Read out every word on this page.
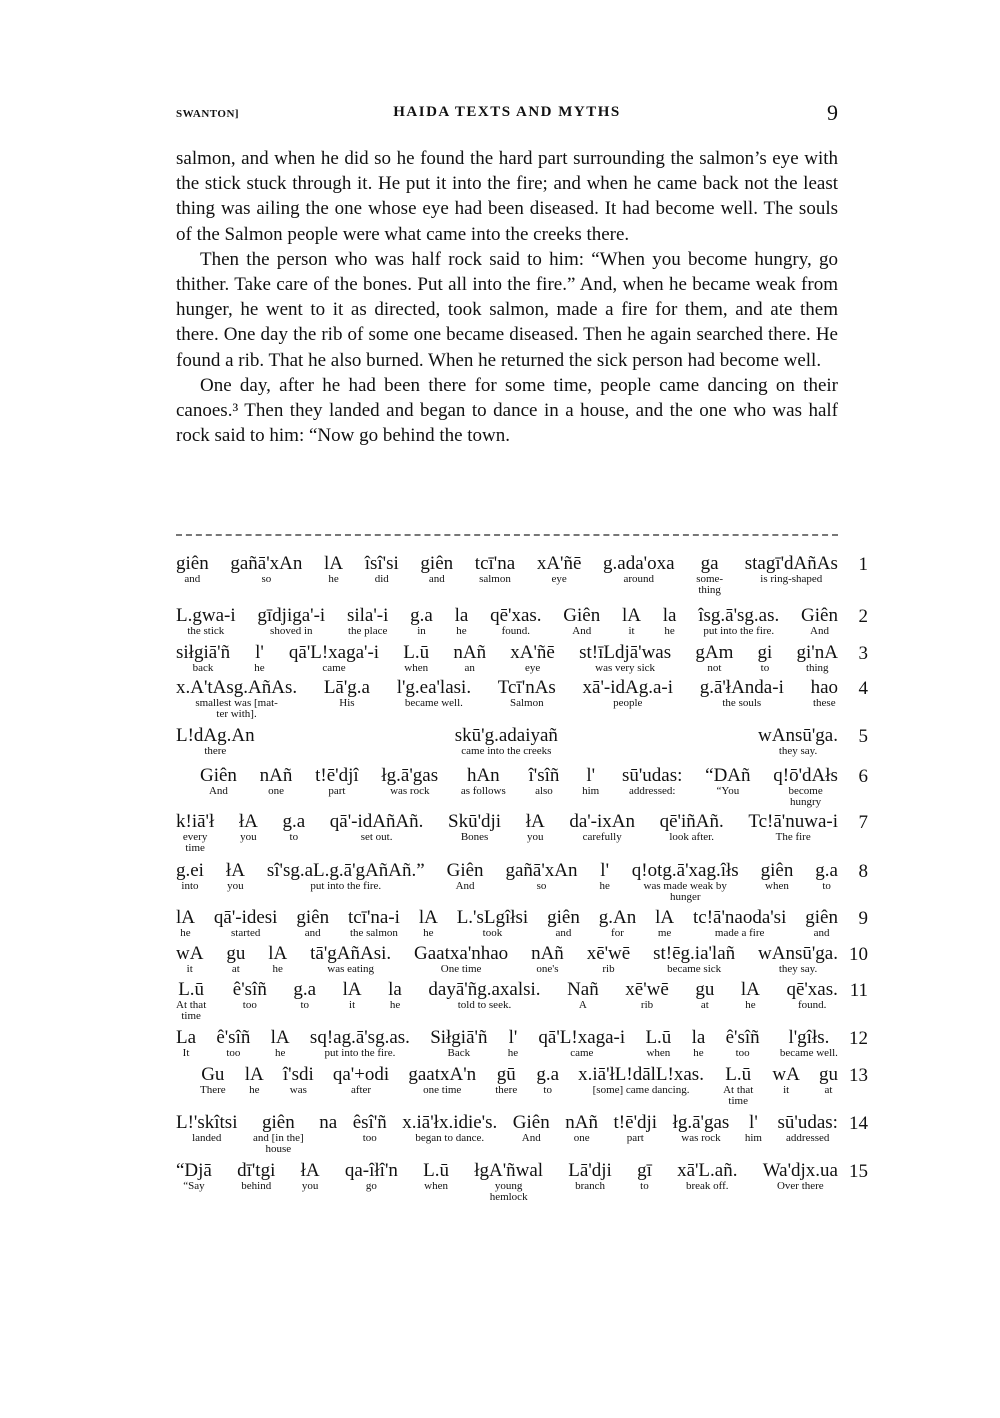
SWANTON]	HAIDA TEXTS AND MYTHS	9

salmon, and when he did so he found the hard part surrounding the salmon’s eye with the stick stuck through it. He put it into the fire; and when he came back not the least thing was ailing the one whose eye had been diseased. It had become well. The souls of the Salmon people were what came into the creeks there.

Then the person who was half rock said to him: “When you become hungry, go thither. Take care of the bones. Put all into the fire.” And, when he became weak from hunger, he went to it as directed, took salmon, made a fire for them, and ate them there. One day the rib of some one became diseased. Then he again searched there. He found a rib. That he also burned. When he returned the sick person had become well.

One day, after he had been there for some time, people came dancing on their canoes.³ Then they landed and began to dance in a house, and the one who was half rock said to him: “Now go behind the town.

giên
and
gañā'xAn
so
lA
he
îsî'si
did
giên
and
tcī'na
salmon
xA'ñē
eye
g.ada'oxa
around
ga
some-
thing
stagī'dAñAs
is ring-shaped
1
L.gwa-i
the stick
gīdjiga'-i
shoved in
sila'-i
the place
g.a
in
la
he
qē'xas.
found.
Giên
And
lA
it
la
he
îsg.ā'sg.as.
put into the fire.
Giên
And
2
siłgiā'ñ
back
l'
he
qā'L!xaga'-i
came
L.ū
when
nAñ
an
xA'ñē
eye
st!īLdjā'was
was very sick
gAm
not
gi
to
gi'nA
thing
3
x.A'tAsg.AñAs.
smallest was [mat-
ter with].
Lā'g.a
His
l'g.ea'lasi.
became well.
Tcī'nAs
Salmon
xā'-idAg.a-i
people
g.ā'łAnda-i
the souls
hao
these
4
L!dAg.An
there
skū'g.adaiyañ
came into the creeks
wAnsū'ga.
they say.
5
Giên
And
nAñ
one
t!ē'djî
part
łg.ā'gas
was rock
hAn
as follows
î'sîñ
also
l'
him
sū'udas:
addressed:
“DAñ
“You
q!ō'dAłs
become
hungry
6
k!iā'ł
every
time
łA
you
g.a
to
qā'-idAñAñ.
set out.
Skū'dji
Bones
łA
you
da'-ixAn
carefully
qē'iñAñ.
look after.
Tc!ā'nuwa-i
The fire
7
g.ei
into
łA
you
sî'sg.aL.g.ā'gAñAñ.”
put into the fire.
Giên
And
gañā'xAn
so
l'
he
q!otg.ā'xag.îłs
was made weak by
hunger
giên
when
g.a
to
8
lA
he
qā'-idesi
started
giên
and
tcī'na-i
the salmon
lA
he
L.'sLgîłsi
took
giên
and
g.An
for
lA
me
tc!ā'naoda'si
made a fire
giên
and
9
wA
it
gu
at
lA
he
tā'gAñAsi.
was eating
Gaatxa'nhao
One time
nAñ
one's
xē'wē
rib
st!ēg.ia'lañ
became sick
wAnsū'ga.
they say.
10
L.ū
At that
time
ê'sîñ
too
g.a
to
lA
it
la
he
dayā'ñg.axalsi.
told to seek.
Nañ
A
xē'wē
rib
gu
at
lA
he
qē'xas.
found.
11
La
It
ê'sîñ
too
lA
he
sq!ag.ā'sg.as.
put into the fire.
Siłgiā'ñ
Back
l'
he
qā'L!xaga-i
came
L.ū
when
la
he
ê'sîñ
too
l'gîłs.
became well.
12
Gu
There
lA
he
î'sdi
was
qa'+odi
after
gaatxA'n
one time
gū
there
g.a
to
x.iā'łL!dālL!xas.
[some] came dancing.
L.ū
At that
time
wA
it
gu
at
13
L!'skîtsi
landed
giên
and [in the]
house
na êsî'ñ
too
x.iā'łx.idie's.
began to dance.
Giên
And
nAñ
one
t!ē'dji
part
łg.ā'gas
was rock
l'
him
sū'udas:
addressed
14
“Djā
“Say
dī'tgi
behind
łA
you
qa-îłî'n
go
L.ū
when
łgA'ñwal
young
hemlock
Lā'dji
branch
gī
to
xā'L.añ.
break off.
Wa'djx.ua
Over there
15
